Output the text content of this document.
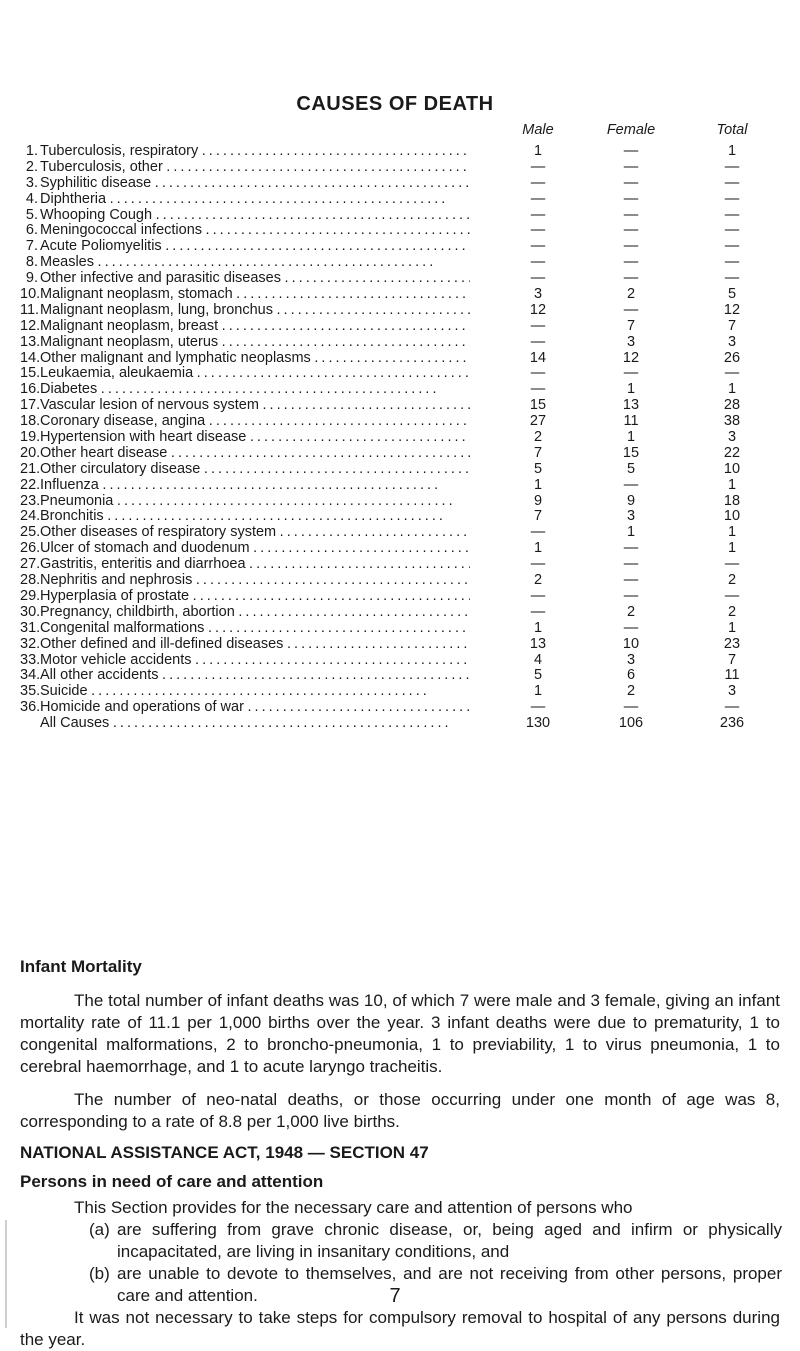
CAUSES OF DEATH
Male	Female	Total
1. Tuberculosis, respiratory . . .	1	—	1
2. Tuberculosis, other . . .	—	—	—
3. Syphilitic disease . . .	—	—	—
4. Diphtheria . . .	—	—	—
5. Whooping Cough . . .	—	—	—
6. Meningococcal infections . . .	—	—	—
7. Acute Poliomyelitis . . .	—	—	—
8. Measles . . .	—	—	—
9. Other infective and parasitic diseases . . .	—	—	—
10. Malignant neoplasm, stomach . . .	3	2	5
11. Malignant neoplasm, lung, bronchus . . .	12	—	12
12. Malignant neoplasm, breast . . .	—	7	7
13. Malignant neoplasm, uterus . . .	—	3	3
14. Other malignant and lymphatic neoplasms . . .	14	12	26
15. Leukaemia, aleukaemia . . .	—	—	—
16. Diabetes . . .	—	1	1
17. Vascular lesion of nervous system . . .	15	13	28
18. Coronary disease, angina . . .	27	11	38
19. Hypertension with heart disease . . .	2	1	3
20. Other heart disease . . .	7	15	22
21. Other circulatory disease . . .	5	5	10
22. Influenza . . .	1	—	1
23. Pneumonia . . .	9	9	18
24. Bronchitis . . .	7	3	10
25. Other diseases of respiratory system . . .	—	1	1
26. Ulcer of stomach and duodenum . . .	1	—	1
27. Gastritis, enteritis and diarrhoea . . .	—	—	—
28. Nephritis and nephrosis . . .	2	—	2
29. Hyperplasia of prostate . . .	—	—	—
30. Pregnancy, childbirth, abortion . . .	—	2	2
31. Congenital malformations . . .	1	—	1
32. Other defined and ill-defined diseases . . .	13	10	23
33. Motor vehicle accidents . . .	4	3	7
34. All other accidents . . .	5	6	11
35. Suicide . . .	1	2	3
36. Homicide and operations of war . . .	—	—	—
All Causes . . .	130	106	236
Infant Mortality

The total number of infant deaths was 10, of which 7 were male and 3 female, giving an infant mortality rate of 11.1 per 1,000 births over the year. 3 infant deaths were due to prematurity, 1 to congenital malformations, 2 to broncho-pneumonia, 1 to previability, 1 to virus pneumonia, 1 to cerebral haemorrhage, and 1 to acute laryngo tracheitis.

The number of neo-natal deaths, or those occurring under one month of age was 8, corresponding to a rate of 8.8 per 1,000 live births.

NATIONAL ASSISTANCE ACT, 1948 — SECTION 47
Persons in need of care and attention

This Section provides for the necessary care and attention of persons who

(a) are suffering from grave chronic disease, or, being aged and infirm or physically incapacitated, are living in insanitary conditions, and
(b) are unable to devote to themselves, and are not receiving from other persons, proper care and attention.

It was not necessary to take steps for compulsory removal to hospital of any persons during the year.

7
